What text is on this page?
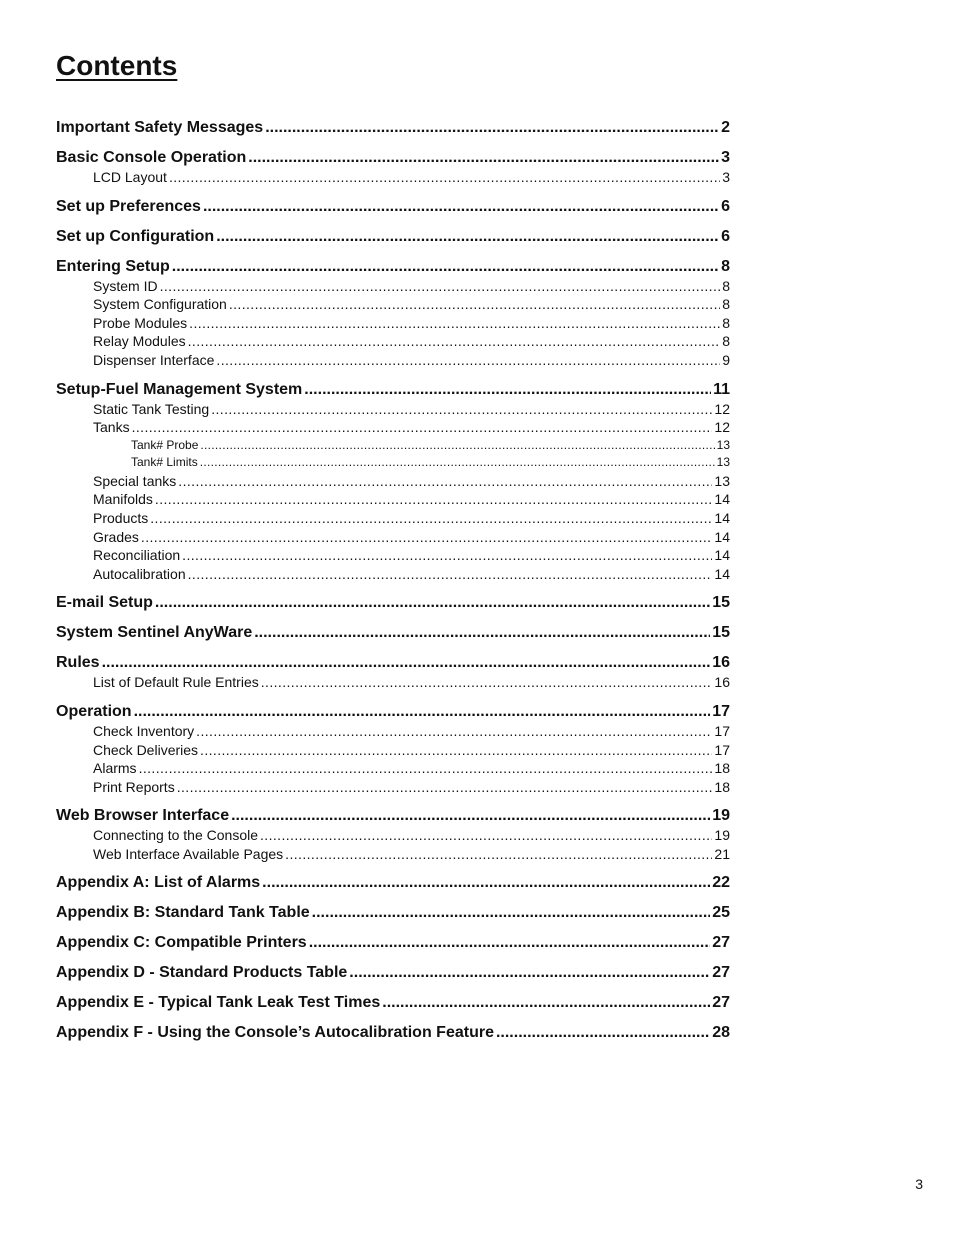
Contents
Important Safety Messages .....	2
Basic Console Operation .....	3
LCD Layout .....	3
Set up Preferences .....	6
Set up Configuration .....	6
Entering Setup .....	8
System ID .....	8
System Configuration .....	8
Probe Modules .....	8
Relay Modules .....	8
Dispenser Interface .....	9
Setup-Fuel Management System .....	11
Static Tank Testing .....	12
Tanks .....	12
Tank# Probe .....	13
Tank# Limits .....	13
Special tanks .....	13
Manifolds .....	14
Products .....	14
Grades .....	14
Reconciliation .....	14
Autocalibration .....	14
E-mail Setup .....	15
System Sentinel AnyWare .....	15
Rules .....	16
List of Default Rule Entries .....	16
Operation .....	17
Check Inventory .....	17
Check Deliveries .....	17
Alarms .....	18
Print Reports .....	18
Web Browser Interface .....	19
Connecting to the Console .....	19
Web Interface Available Pages .....	21
Appendix A: List of Alarms .....	22
Appendix B: Standard Tank Table .....	25
Appendix C: Compatible Printers .....	27
Appendix D - Standard Products Table .....	27
Appendix E - Typical Tank Leak Test Times .....	27
Appendix F - Using the Console’s Autocalibration Feature .....	28
3
